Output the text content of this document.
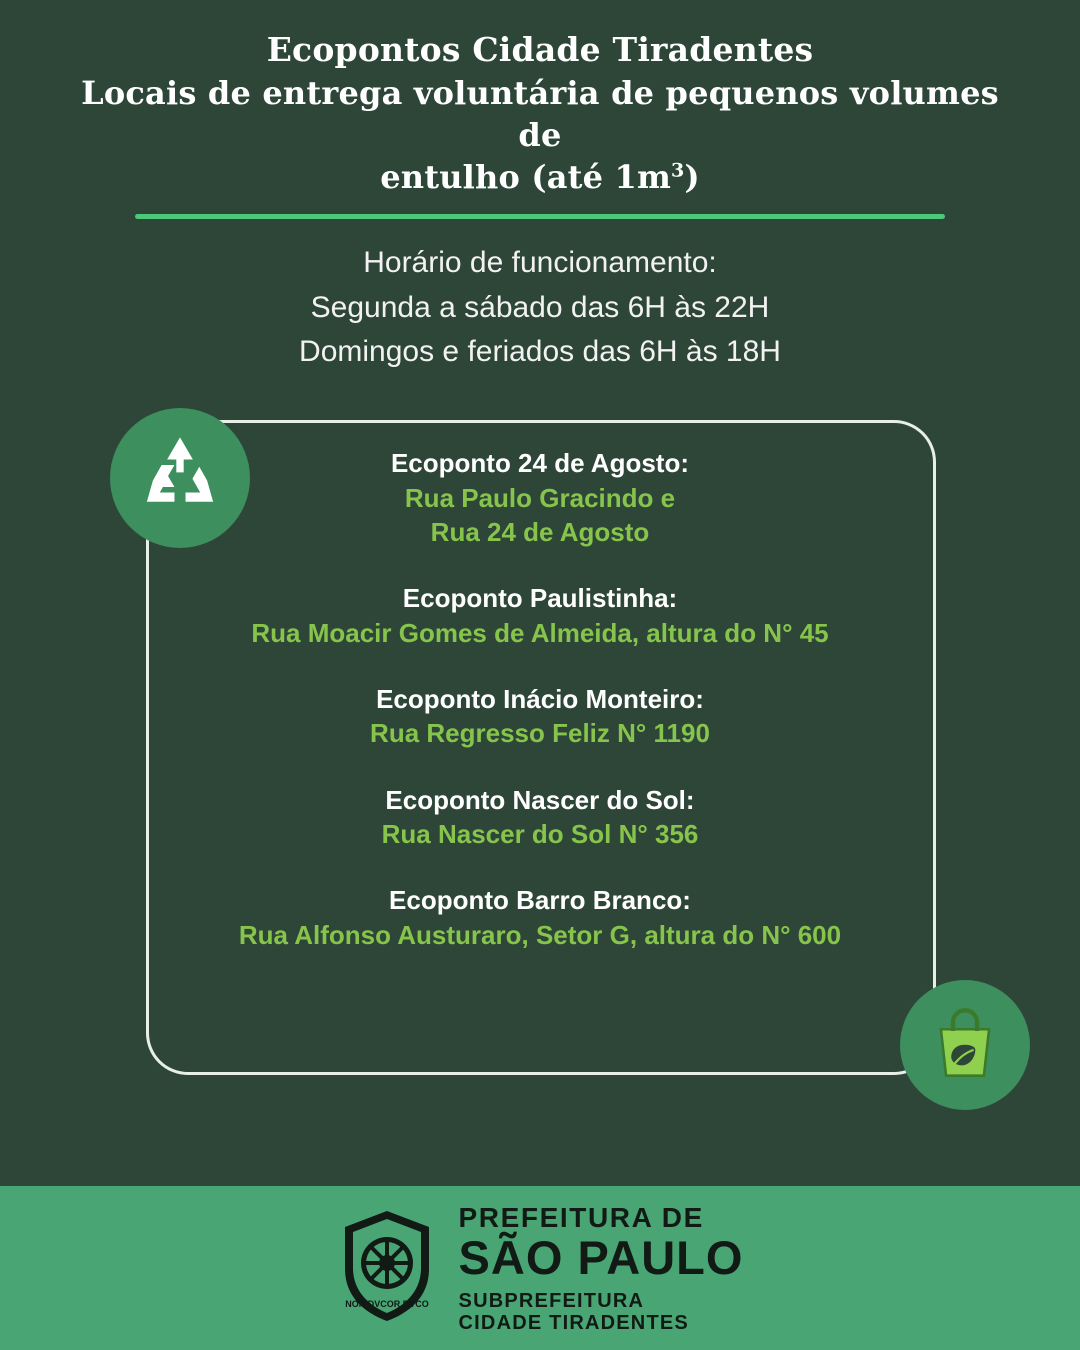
Ecopontos Cidade Tiradentes
Locais de entrega voluntária de pequenos volumes de
entulho (até $1m^3$)
Horário de funcionamento:
Segunda a sábado das 6H às 22H
Domingos e feriados das 6H às 18H
Ecoponto 24 de Agosto:
Rua Paulo Gracindo e
Rua 24 de Agosto
Ecoponto Paulistinha:
Rua Moacir Gomes de Almeida, altura do N° 45
Ecoponto Inácio Monteiro:
Rua Regresso Feliz N° 1190
Ecoponto Nascer do Sol:
Rua Nascer do Sol N° 356
Ecoponto Barro Branco:
Rua Alfonso Austuraro, Setor G, altura do N° 600
NON DVCOR DVCO
PREFEITURA DE
SÃO PAULO
SUBPREFEITURA
CIDADE TIRADENTES
